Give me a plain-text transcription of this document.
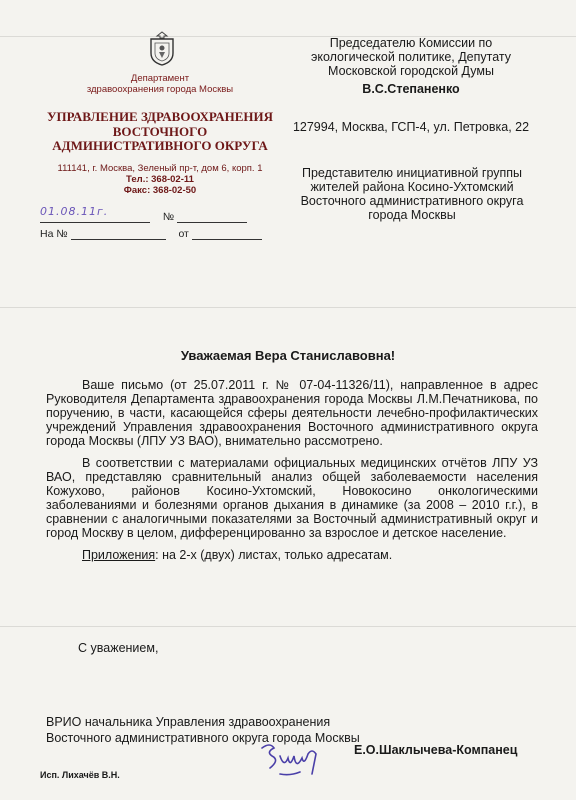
Департамент
здравоохранения города Москвы
УПРАВЛЕНИЕ ЗДРАВООХРАНЕНИЯ
ВОСТОЧНОГО
АДМИНИСТРАТИВНОГО ОКРУГА
111141, г. Москва, Зеленый пр-т, дом 6, корп. 1
Тел.: 368-02-11
Факс: 368-02-50
01.08.11г.	№
На №	от
Председателю Комиссии по
экологической политике, Депутату
Московской городской Думы
В.С.Степаненко
127994, Москва, ГСП-4, ул. Петровка, 22
Представителю инициативной группы
жителей района Косино-Ухтомский
Восточного административного округа
города Москвы
Уважаемая Вера Станиславовна!

Ваше письмо (от 25.07.2011 г. № 07-04-11326/11), направленное в адрес Руководителя Департамента здравоохранения города Москвы Л.М.Печатникова, по поручению, в части, касающейся сферы деятельности лечебно-профилактических учреждений Управления здравоохранения Восточного административного округа города Москвы (ЛПУ УЗ ВАО), внимательно рассмотрено.

В соответствии с материалами официальных медицинских отчётов ЛПУ УЗ ВАО, представляю сравнительный анализ общей заболеваемости населения Кожухово, районов Косино-Ухтомский, Новокосино онкологическими заболеваниями и болезнями органов дыхания в динамике (за 2008 – 2010 г.г.), в сравнении с аналогичными показателями за Восточный административный округ и город Москву в целом, дифференцированно за взрослое и детское население.

Приложения: на 2-х (двух) листах, только адресатам.

С уважением,
ВРИО начальника Управления здравоохранения
Восточного административного округа города Москвы
Е.О.Шаклычева-Компанец
Исп. Лихачёв В.Н.
